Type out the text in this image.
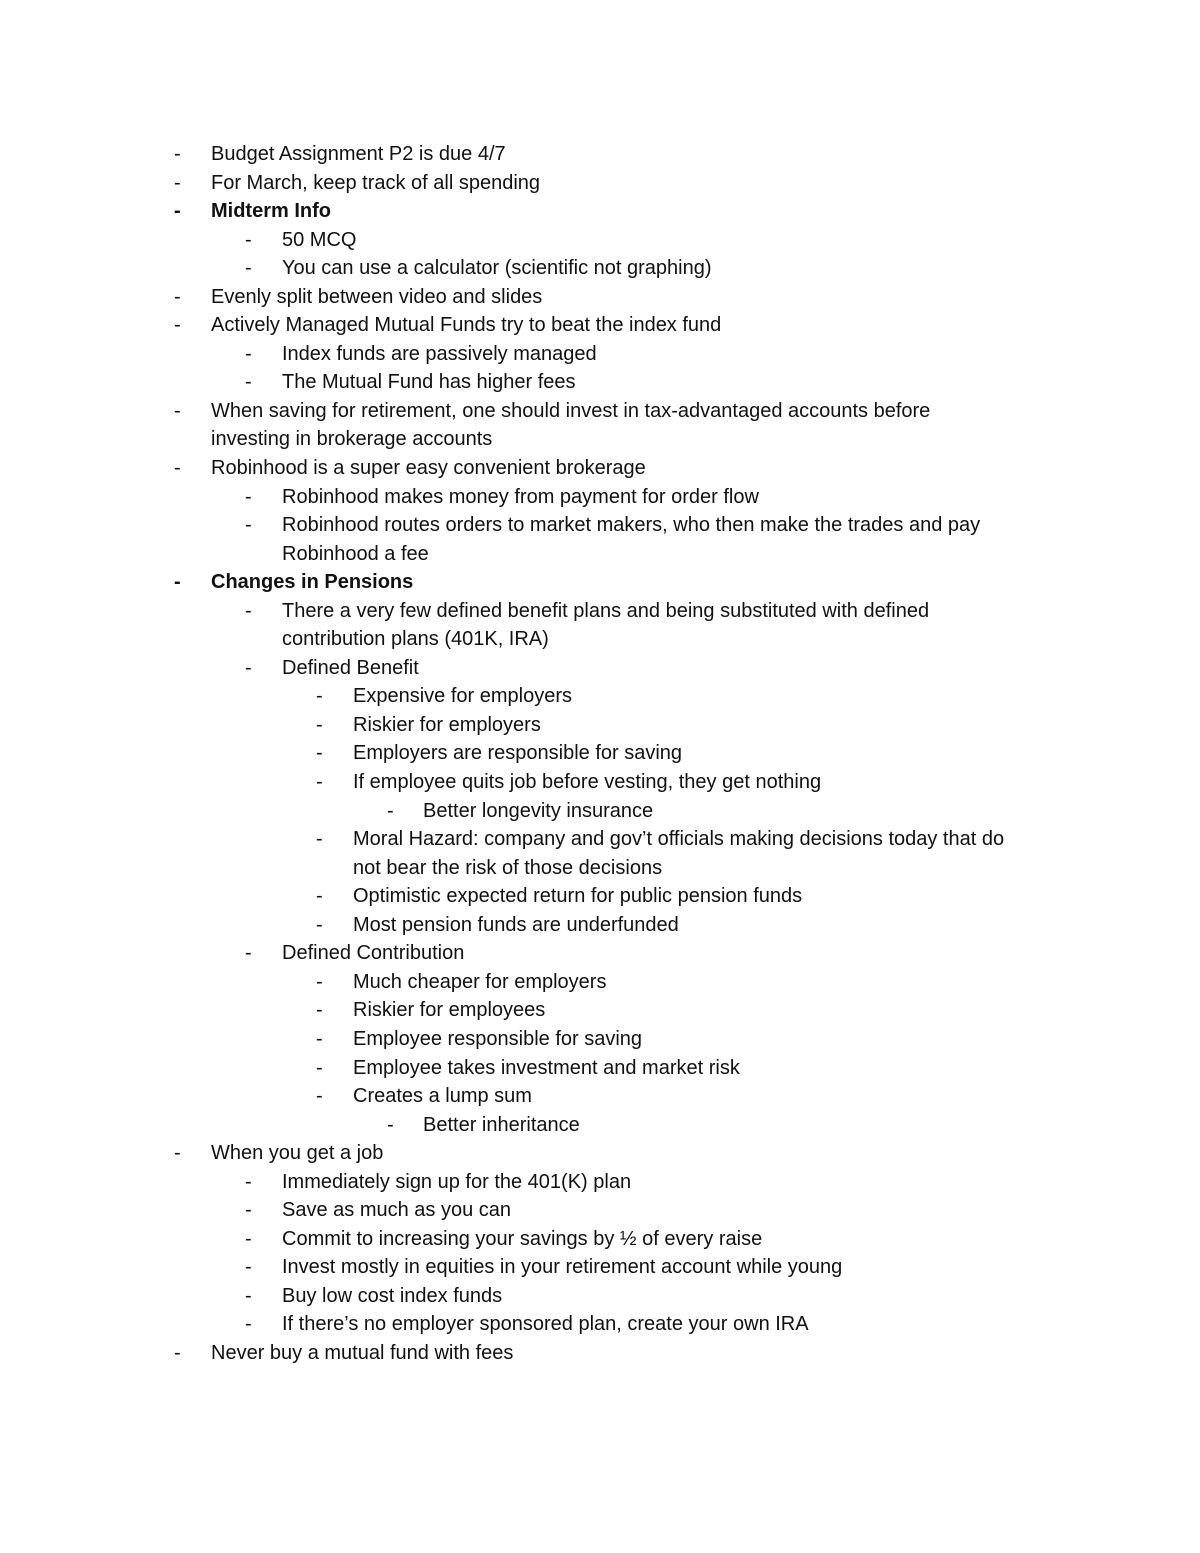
- Budget Assignment P2 is due 4/7
- For March, keep track of all spending
- Midterm Info
- 50 MCQ
- You can use a calculator (scientific not graphing)
- Evenly split between video and slides
- Actively Managed Mutual Funds try to beat the index fund
- Index funds are passively managed
- The Mutual Fund has higher fees
- When saving for retirement, one should invest in tax-advantaged accounts before
investing in brokerage accounts
- Robinhood is a super easy convenient brokerage
- Robinhood makes money from payment for order flow
- Robinhood routes orders to market makers, who then make the trades and pay
Robinhood a fee
- Changes in Pensions
- There a very few defined benefit plans and being substituted with defined
contribution plans (401K, IRA)
- Defined Benefit
- Expensive for employers
- Riskier for employers
- Employers are responsible for saving
- If employee quits job before vesting, they get nothing
- Better longevity insurance
- Moral Hazard: company and gov’t officials making decisions today that do
not bear the risk of those decisions
- Optimistic expected return for public pension funds
- Most pension funds are underfunded
- Defined Contribution
- Much cheaper for employers
- Riskier for employees
- Employee responsible for saving
- Employee takes investment and market risk
- Creates a lump sum
- Better inheritance
- When you get a job
- Immediately sign up for the 401(K) plan
- Save as much as you can
- Commit to increasing your savings by ½ of every raise
- Invest mostly in equities in your retirement account while young
- Buy low cost index funds
- If there’s no employer sponsored plan, create your own IRA
- Never buy a mutual fund with fees
